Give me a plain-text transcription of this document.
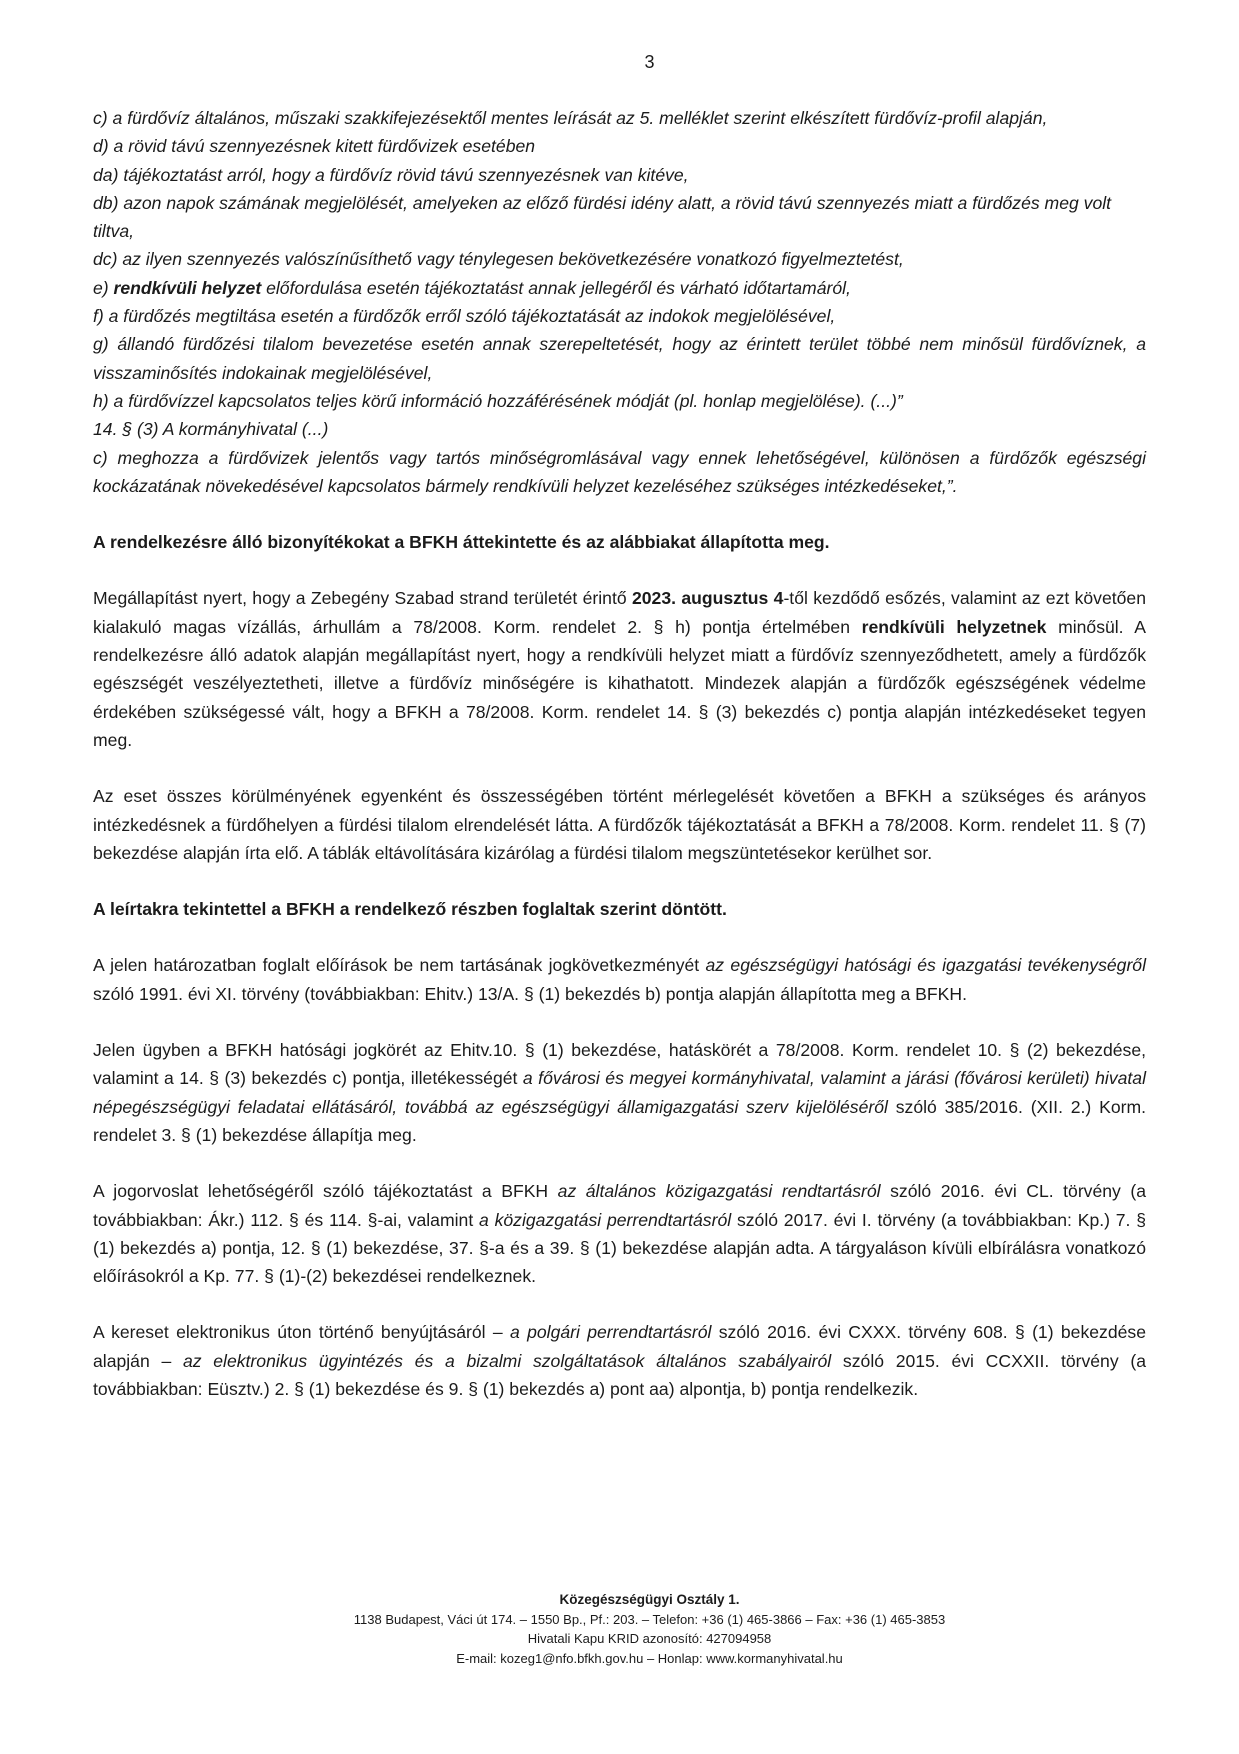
3

c) a fürdővíz általános, műszaki szakkifejezésektől mentes leírását az 5. melléklet szerint elkészített fürdővíz-profil alapján,

d) a rövid távú szennyezésnek kitett fürdővizek esetében

da) tájékoztatást arról, hogy a fürdővíz rövid távú szennyezésnek van kitéve,

db) azon napok számának megjelölését, amelyeken az előző fürdési idény alatt, a rövid távú szennyezés miatt a fürdőzés meg volt tiltva,

dc) az ilyen szennyezés valószínűsíthető vagy ténylegesen bekövetkezésére vonatkozó figyelmeztetést,

e) rendkívüli helyzet előfordulása esetén tájékoztatást annak jellegéről és várható időtartamáról,

f) a fürdőzés megtiltása esetén a fürdőzők erről szóló tájékoztatását az indokok megjelölésével,

g) állandó fürdőzési tilalom bevezetése esetén annak szerepeltetését, hogy az érintett terület többé nem minősül fürdővíznek, a visszaminősítés indokainak megjelölésével,

h) a fürdővízzel kapcsolatos teljes körű információ hozzáférésének módját (pl. honlap megjelölése). (...)”

14. § (3) A kormányhivatal (...)

c) meghozza a fürdővizek jelentős vagy tartós minőségromlásával vagy ennek lehetőségével, különösen a fürdőzők egészségi kockázatának növekedésével kapcsolatos bármely rendkívüli helyzet kezeléséhez szükséges intézkedéseket,”.

A rendelkezésre álló bizonyítékokat a BFKH áttekintette és az alábbiakat állapította meg.

Megállapítást nyert, hogy a Zebegény Szabad strand területét érintő 2023. augusztus 4-től kezdődő esőzés, valamint az ezt követően kialakuló magas vízállás, árhullám a 78/2008. Korm. rendelet 2. § h) pontja értelmében rendkívüli helyzetnek minősül. A rendelkezésre álló adatok alapján megállapítást nyert, hogy a rendkívüli helyzet miatt a fürdővíz szennyeződhetett, amely a fürdőzők egészségét veszélyeztetheti, illetve a fürdővíz minőségére is kihathatott. Mindezek alapján a fürdőzők egészségének védelme érdekében szükségessé vált, hogy a BFKH a 78/2008. Korm. rendelet 14. § (3) bekezdés c) pontja alapján intézkedéseket tegyen meg.

Az eset összes körülményének egyenként és összességében történt mérlegelését követően a BFKH a szükséges és arányos intézkedésnek a fürdőhelyen a fürdési tilalom elrendelését látta. A fürdőzők tájékoztatását a BFKH a 78/2008. Korm. rendelet 11. § (7) bekezdése alapján írta elő. A táblák eltávolítására kizárólag a fürdési tilalom megszüntetésekor kerülhet sor.

A leírtakra tekintettel a BFKH a rendelkező részben foglaltak szerint döntött.

A jelen határozatban foglalt előírások be nem tartásának jogkövetkezményét az egészségügyi hatósági és igazgatási tevékenységről szóló 1991. évi XI. törvény (továbbiakban: Ehitv.) 13/A. § (1) bekezdés b) pontja alapján állapította meg a BFKH.

Jelen ügyben a BFKH hatósági jogkörét az Ehitv.10. § (1) bekezdése, hatáskörét a 78/2008. Korm. rendelet 10. § (2) bekezdése, valamint a 14. § (3) bekezdés c) pontja, illetékességét a fővárosi és megyei kormányhivatal, valamint a járási (fővárosi kerületi) hivatal népegészségügyi feladatai ellátásáról, továbbá az egészségügyi államigazgatási szerv kijelöléséről szóló 385/2016. (XII. 2.) Korm. rendelet 3. § (1) bekezdése állapítja meg.

A jogorvoslat lehetőségéről szóló tájékoztatást a BFKH az általános közigazgatási rendtartásról szóló 2016. évi CL. törvény (a továbbiakban: Ákr.) 112. § és 114. §-ai, valamint a közigazgatási perrendtartásról szóló 2017. évi I. törvény (a továbbiakban: Kp.) 7. § (1) bekezdés a) pontja, 12. § (1) bekezdése, 37. §-a és a 39. § (1) bekezdése alapján adta. A tárgyaláson kívüli elbírálásra vonatkozó előírásokról a Kp. 77. § (1)-(2) bekezdései rendelkeznek.

A kereset elektronikus úton történő benyújtásáról – a polgári perrendtartásról szóló 2016. évi CXXX. törvény 608. § (1) bekezdése alapján – az elektronikus ügyintézés és a bizalmi szolgáltatások általános szabályairól szóló 2015. évi CCXXII. törvény (a továbbiakban: Eüsztv.) 2. § (1) bekezdése és 9. § (1) bekezdés a) pont aa) alpontja, b) pontja rendelkezik.

Közegészségügyi Osztály 1.
1138 Budapest, Váci út 174. – 1550 Bp., Pf.: 203. – Telefon: +36 (1) 465-3866 – Fax: +36 (1) 465-3853
Hivatali Kapu KRID azonosító: 427094958
E-mail: kozeg1@nfo.bfkh.gov.hu – Honlap: www.kormanyhivatal.hu
